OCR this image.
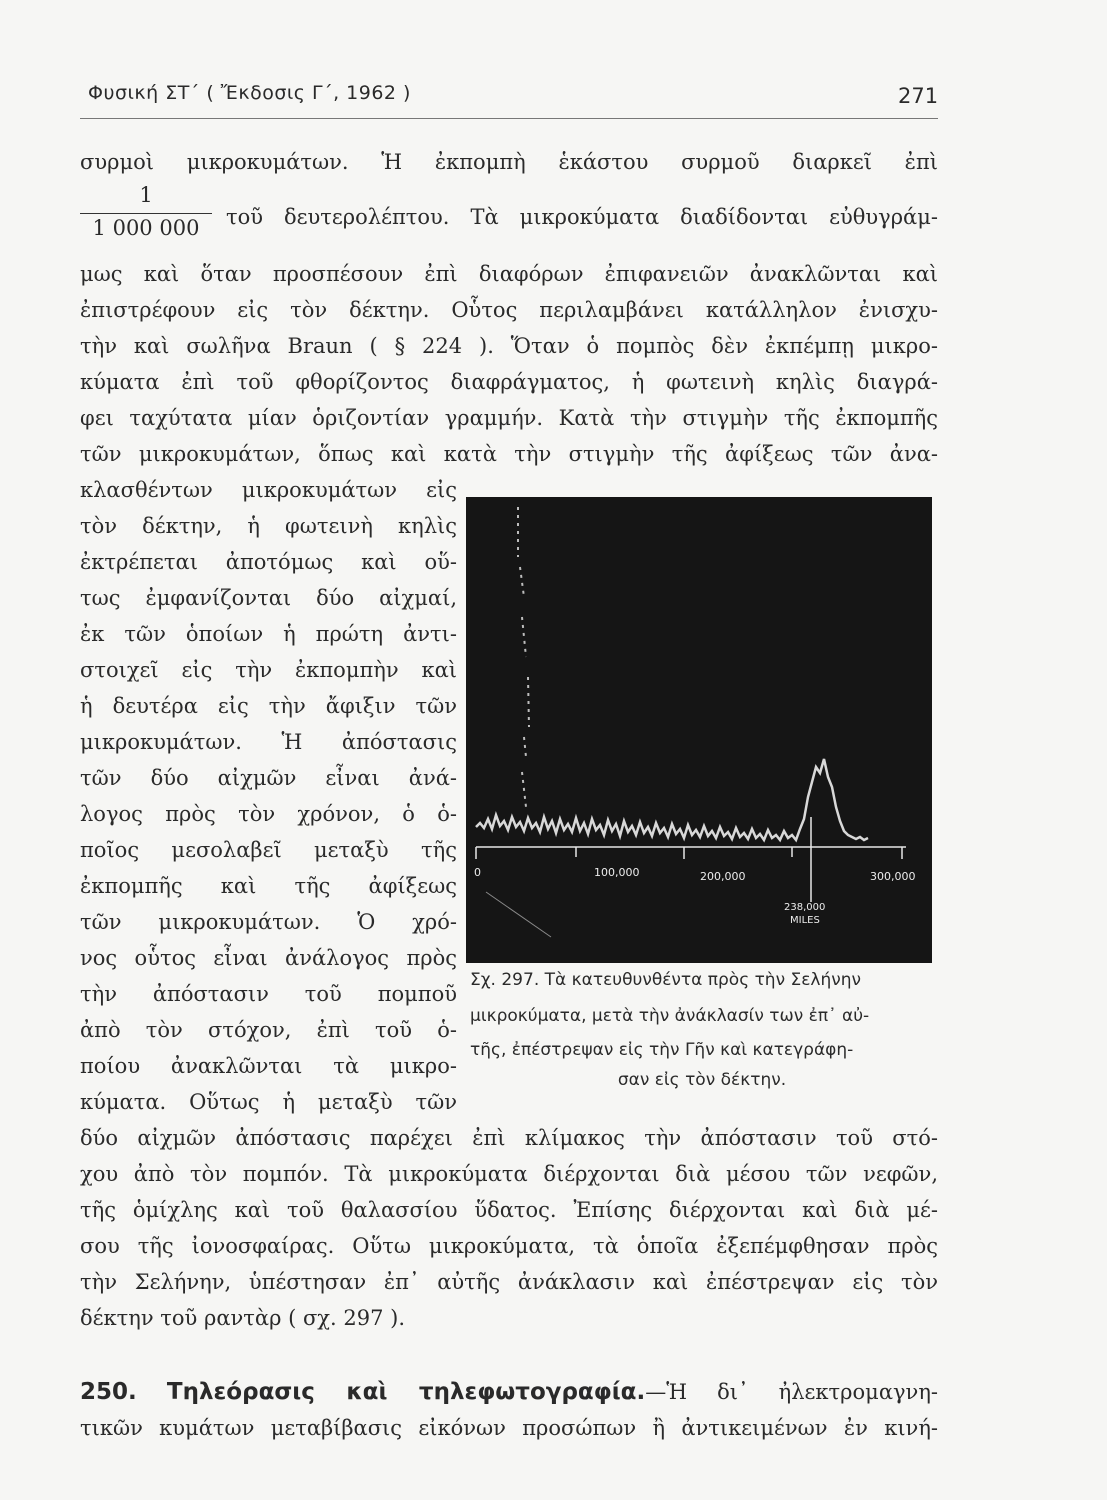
Φυσική ΣΤ΄ ( Ἔκδοσις Γ΄, 1962 )	271
συρμοὶ μικροκυμάτων. Ἡ ἐκπομπὴ ἑκάστου συρμοῦ διαρκεῖ ἐπὶ
1
1 000 000	τοῦ δευτερολέπτου. Τὰ μικροκύματα διαδίδονται εὐθυγράμ-
μως καὶ ὅταν προσπέσουν ἐπὶ διαφόρων ἐπιφανειῶν ἀνακλῶνται καὶ
ἐπιστρέφουν εἰς τὸν δέκτην. Οὗτος περιλαμβάνει κατάλληλον ἐνισχυ-
τὴν καὶ σωλῆνα Braun ( § 224 ). Ὅταν ὁ πομπὸς δὲν ἐκπέμπῃ μικρο-
κύματα ἐπὶ τοῦ φθορίζοντος διαφράγματος, ἡ φωτεινὴ κηλὶς διαγρά-
φει ταχύτατα μίαν ὁριζοντίαν γραμμήν. Κατὰ τὴν στιγμὴν τῆς ἐκπομπῆς
τῶν μικροκυμάτων, ὅπως καὶ κατὰ τὴν στιγμὴν τῆς ἀφίξεως τῶν ἀνα-
κλασθέντων μικροκυμάτων εἰς
τὸν δέκτην, ἡ φωτεινὴ κηλὶς
ἐκτρέπεται ἀποτόμως καὶ οὕ-
τως ἐμφανίζονται δύο αἰχμαί,
ἐκ τῶν ὁποίων ἡ πρώτη ἀντι-
στοιχεῖ εἰς τὴν ἐκπομπὴν καὶ
ἡ δευτέρα εἰς τὴν ἄφιξιν τῶν
μικροκυμάτων. Ἡ ἀπόστασις
τῶν δύο αἰχμῶν εἶναι ἀνά-
λογος πρὸς τὸν χρόνον, ὁ ὁ-
ποῖος μεσολαβεῖ μεταξὺ τῆς
ἐκπομπῆς καὶ τῆς ἀφίξεως
τῶν μικροκυμάτων. Ὁ χρό-
νος οὗτος εἶναι ἀνάλογος πρὸς
τὴν ἀπόστασιν τοῦ πομποῦ
ἀπὸ τὸν στόχον, ἐπὶ τοῦ ὁ-
ποίου ἀνακλῶνται τὰ μικρο-
κύματα. Οὕτως ἡ μεταξὺ τῶν
δύο αἰχμῶν ἀπόστασις παρέχει ἐπὶ κλίμακος τὴν ἀπόστασιν τοῦ στό-
χου ἀπὸ τὸν πομπόν. Τὰ μικροκύματα διέρχονται διὰ μέσου τῶν νεφῶν,
τῆς ὁμίχλης καὶ τοῦ θαλασσίου ὕδατος. Ἐπίσης διέρχονται καὶ διὰ μέ-
σου τῆς ἰονοσφαίρας. Οὕτω μικροκύματα, τὰ ὁποῖα ἐξεπέμφθησαν πρὸς
τὴν Σελήνην, ὑπέστησαν ἐπ᾽ αὐτῆς ἀνάκλασιν καὶ ἐπέστρεψαν εἰς τὸν
δέκτην τοῦ ραντὰρ ( σχ. 297 ).
250. Τηλεόρασις καὶ τηλεφωτογραφία.—Ἡ δι᾽ ἠλεκτρομαγνη-
τικῶν κυμάτων μεταβίβασις εἰκόνων προσώπων ἢ ἀντικειμένων ἐν κινή-
0	100,000	200,000	300,000
238,000
MILES
Σχ. 297. Τὰ κατευθυνθέντα πρὸς τὴν Σελήνην
μικροκύματα, μετὰ τὴν ἀνάκλασίν των ἐπ᾽ αὐ-
τῆς, ἐπέστρεψαν εἰς τὴν Γῆν καὶ κατεγράφη-
σαν εἰς τὸν δέκτην.
